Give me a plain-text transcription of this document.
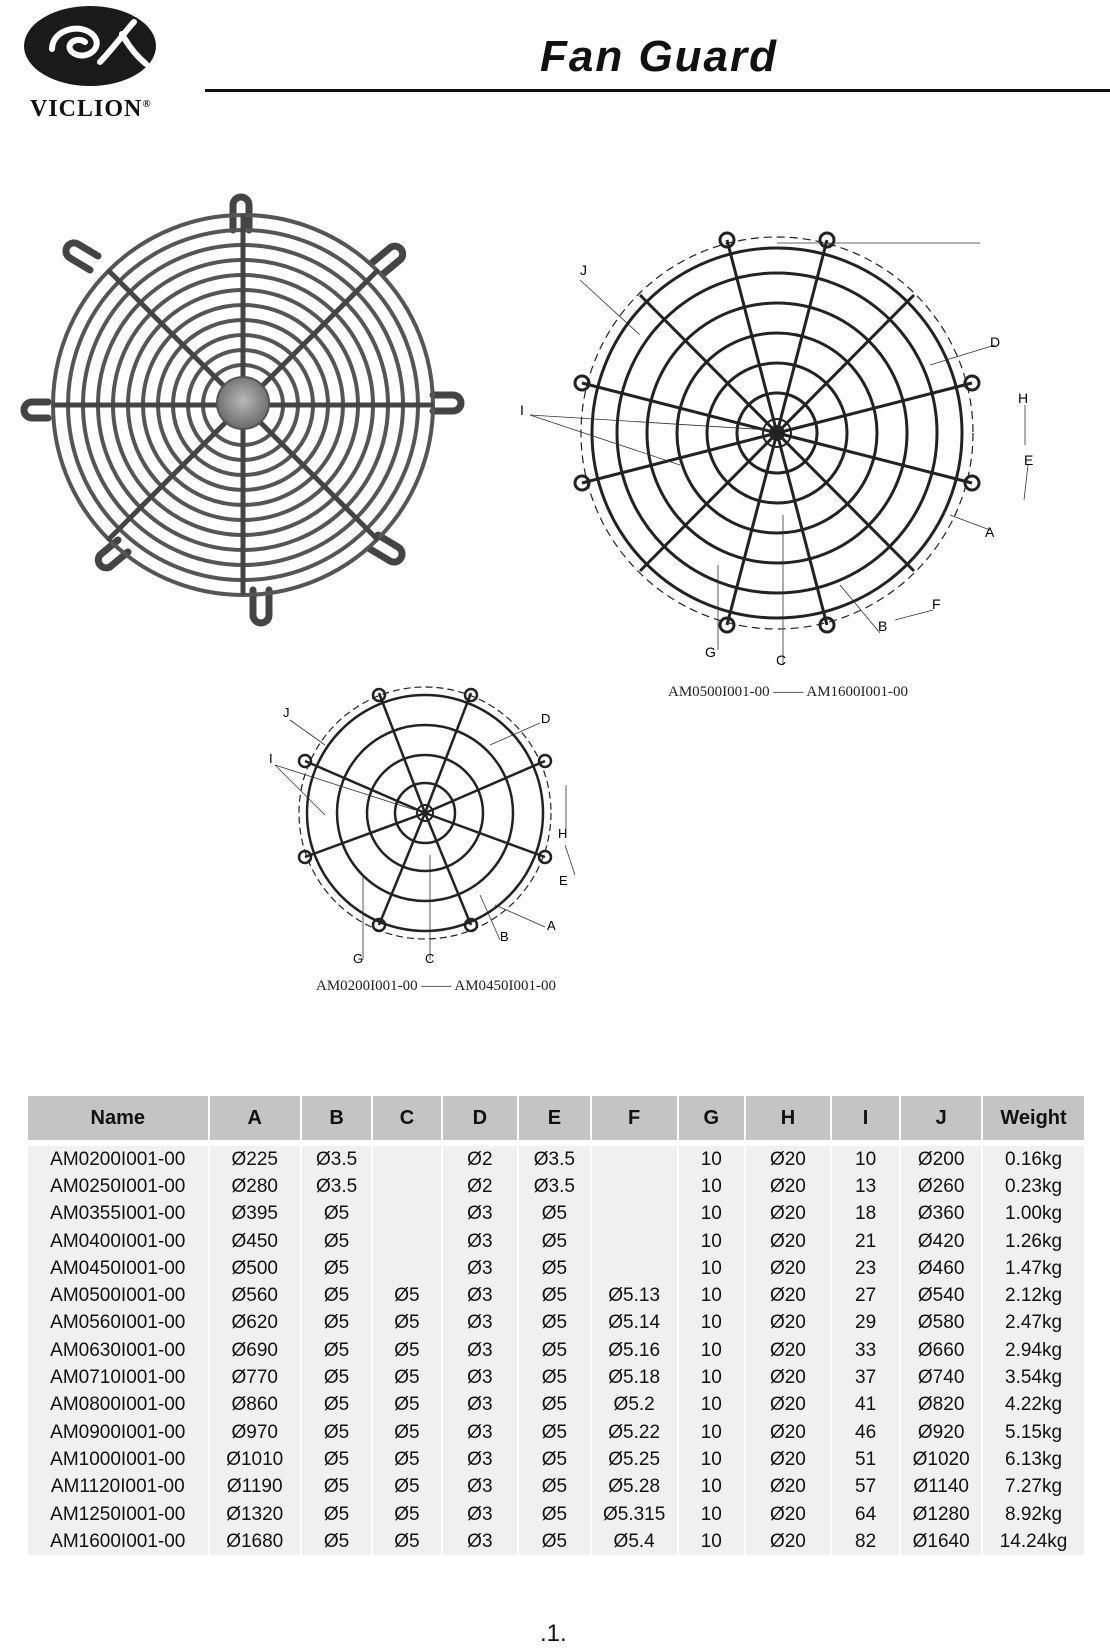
VICLION®
Fan Guard
J
I
D
H
E
A
F
B
G	C
AM0500I001-00 ―― AM1600I001-00
J
I
D
H
E
A
B
G	C
AM0200I001-00 ―― AM0450I001-00
Name	A	B	C	D	E	F	G	H	I	J	Weight

AM0200I001-00	Ø225	Ø3.5		Ø2	Ø3.5		10	Ø20	10	Ø200	0.16kg
AM0250I001-00	Ø280	Ø3.5		Ø2	Ø3.5		10	Ø20	13	Ø260	0.23kg
AM0355I001-00	Ø395	Ø5		Ø3	Ø5		10	Ø20	18	Ø360	1.00kg
AM0400I001-00	Ø450	Ø5		Ø3	Ø5		10	Ø20	21	Ø420	1.26kg
AM0450I001-00	Ø500	Ø5		Ø3	Ø5		10	Ø20	23	Ø460	1.47kg
AM0500I001-00	Ø560	Ø5	Ø5	Ø3	Ø5	Ø5.13	10	Ø20	27	Ø540	2.12kg
AM0560I001-00	Ø620	Ø5	Ø5	Ø3	Ø5	Ø5.14	10	Ø20	29	Ø580	2.47kg
AM0630I001-00	Ø690	Ø5	Ø5	Ø3	Ø5	Ø5.16	10	Ø20	33	Ø660	2.94kg
AM0710I001-00	Ø770	Ø5	Ø5	Ø3	Ø5	Ø5.18	10	Ø20	37	Ø740	3.54kg
AM0800I001-00	Ø860	Ø5	Ø5	Ø3	Ø5	Ø5.2	10	Ø20	41	Ø820	4.22kg
AM0900I001-00	Ø970	Ø5	Ø5	Ø3	Ø5	Ø5.22	10	Ø20	46	Ø920	5.15kg
AM1000I001-00	Ø1010	Ø5	Ø5	Ø3	Ø5	Ø5.25	10	Ø20	51	Ø1020	6.13kg
AM1120I001-00	Ø1190	Ø5	Ø5	Ø3	Ø5	Ø5.28	10	Ø20	57	Ø1140	7.27kg
AM1250I001-00	Ø1320	Ø5	Ø5	Ø3	Ø5	Ø5.315	10	Ø20	64	Ø1280	8.92kg
AM1600I001-00	Ø1680	Ø5	Ø5	Ø3	Ø5	Ø5.4	10	Ø20	82	Ø1640	14.24kg
.1.
